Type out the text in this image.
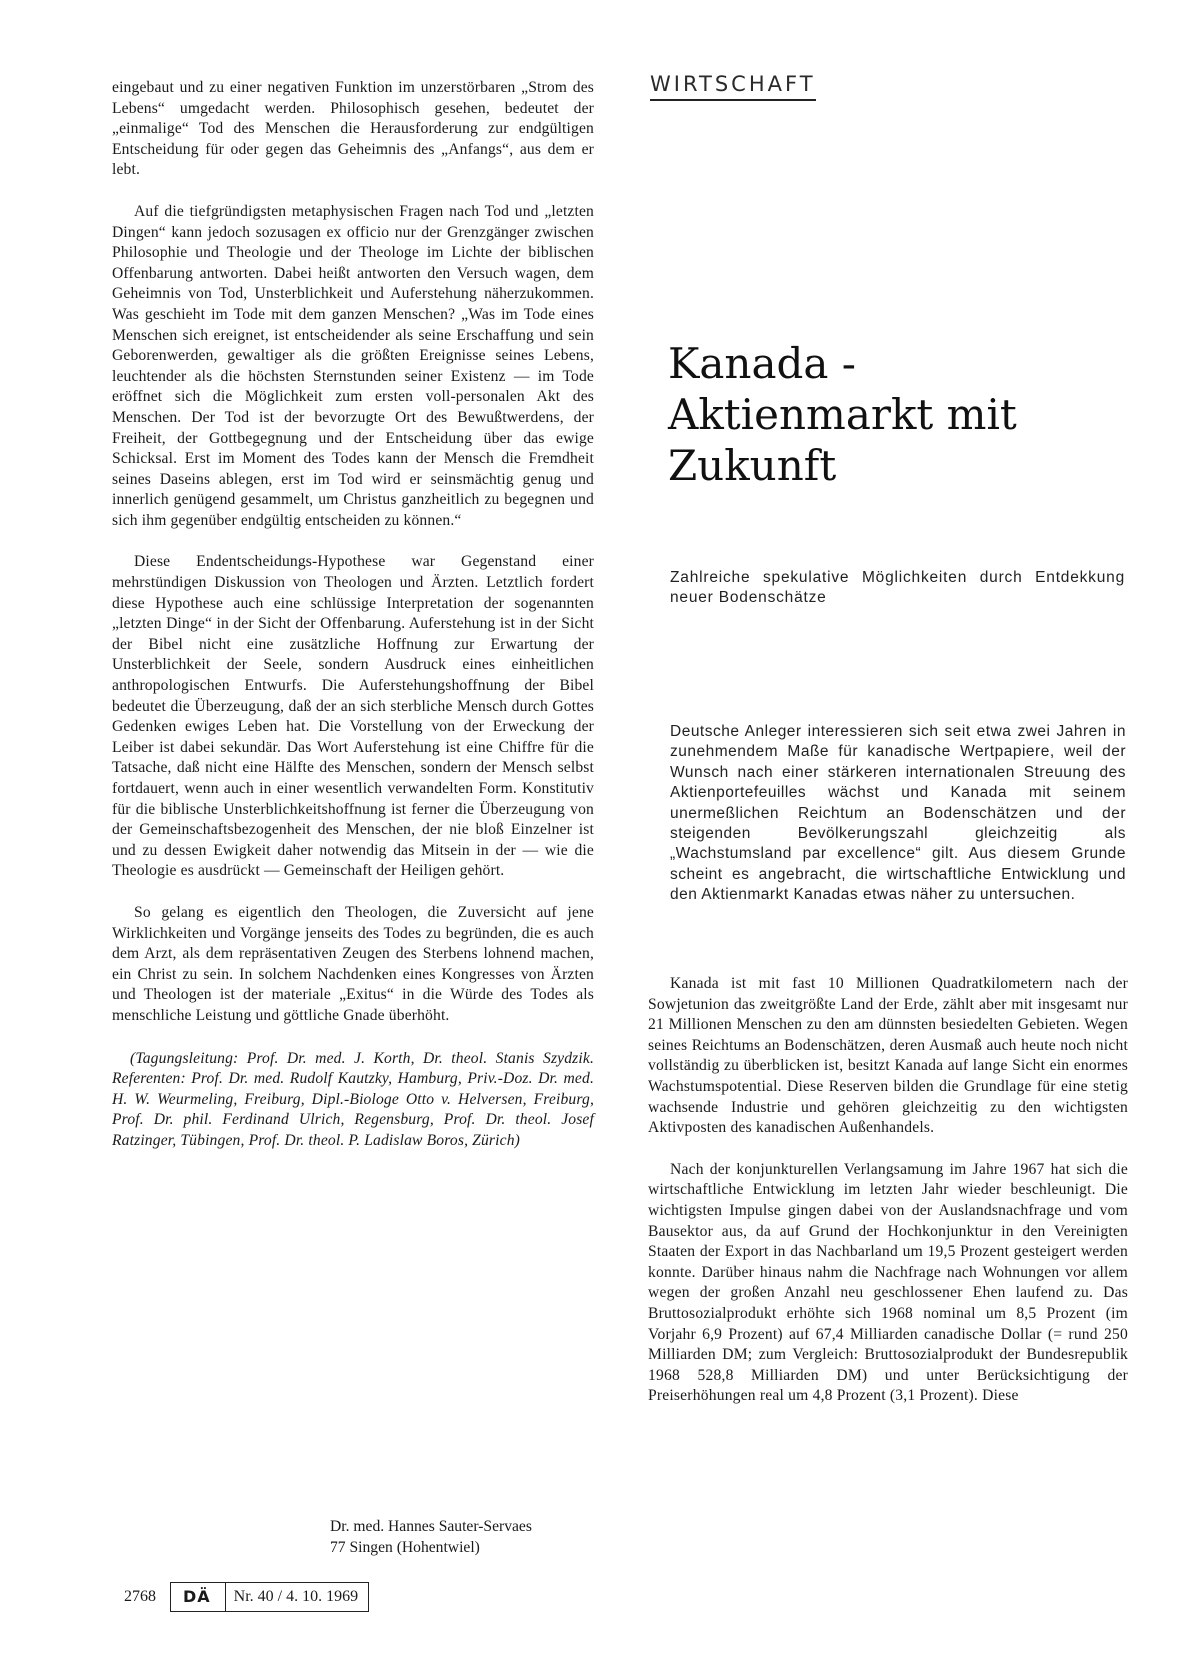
eingebaut und zu einer negativen Funktion im unzerstörbaren „Strom des Lebens“ umgedacht werden. Philosophisch gesehen, bedeutet der „einmalige“ Tod des Menschen die Herausforderung zur endgültigen Entscheidung für oder gegen das Geheimnis des „Anfangs“, aus dem er lebt.

Auf die tiefgründigsten metaphysischen Fragen nach Tod und „letzten Dingen“ kann jedoch sozusagen ex officio nur der Grenzgänger zwischen Philosophie und Theologie und der Theologe im Lichte der biblischen Offenbarung antworten. Dabei heißt antworten den Versuch wagen, dem Geheimnis von Tod, Unsterblichkeit und Auferstehung näherzukommen. Was geschieht im Tode mit dem ganzen Menschen? „Was im Tode eines Menschen sich ereignet, ist entscheidender als seine Erschaffung und sein Geborenwerden, gewaltiger als die größten Ereignisse seines Lebens, leuchtender als die höchsten Sternstunden seiner Existenz — im Tode eröffnet sich die Möglichkeit zum ersten voll-personalen Akt des Menschen. Der Tod ist der bevorzugte Ort des Bewußtwerdens, der Freiheit, der Gottbegegnung und der Entscheidung über das ewige Schicksal. Erst im Moment des Todes kann der Mensch die Fremdheit seines Daseins ablegen, erst im Tod wird er seinsmächtig genug und innerlich genügend gesammelt, um Christus ganzheitlich zu begegnen und sich ihm gegenüber endgültig entscheiden zu können.“

Diese Endentscheidungs-Hypothese war Gegenstand einer mehrstündigen Diskussion von Theologen und Ärzten. Letztlich fordert diese Hypothese auch eine schlüssige Interpretation der sogenannten „letzten Dinge“ in der Sicht der Offenbarung. Auferstehung ist in der Sicht der Bibel nicht eine zusätzliche Hoffnung zur Erwartung der Unsterblichkeit der Seele, sondern Ausdruck eines einheitlichen anthropologischen Entwurfs. Die Auferstehungshoffnung der Bibel bedeutet die Überzeugung, daß der an sich sterbliche Mensch durch Gottes Gedenken ewiges Leben hat. Die Vorstellung von der Erweckung der Leiber ist dabei sekundär. Das Wort Auferstehung ist eine Chiffre für die Tatsache, daß nicht eine Hälfte des Menschen, sondern der Mensch selbst fortdauert, wenn auch in einer wesentlich verwandelten Form. Konstitutiv für die biblische Unsterblichkeitshoffnung ist ferner die Überzeugung von der Gemeinschaftsbezogenheit des Menschen, der nie bloß Einzelner ist und zu dessen Ewigkeit daher notwendig das Mitsein in der — wie die Theologie es ausdrückt — Gemeinschaft der Heiligen gehört.

So gelang es eigentlich den Theologen, die Zuversicht auf jene Wirklichkeiten und Vorgänge jenseits des Todes zu begründen, die es auch dem Arzt, als dem repräsentativen Zeugen des Sterbens lohnend machen, ein Christ zu sein. In solchem Nachdenken eines Kongresses von Ärzten und Theologen ist der materiale „Exitus“ in die Würde des Todes als menschliche Leistung und göttliche Gnade überhöht.

(Tagungsleitung: Prof. Dr. med. J. Korth, Dr. theol. Stanis Szydzik. Referenten: Prof. Dr. med. Rudolf Kautzky, Hamburg, Priv.-Doz. Dr. med. H. W. Weurmeling, Freiburg, Dipl.-Biologe Otto v. Helversen, Freiburg, Prof. Dr. phil. Ferdinand Ulrich, Regensburg, Prof. Dr. theol. Josef Ratzinger, Tübingen, Prof. Dr. theol. P. Ladislaw Boros, Zürich)

Dr. med. Hannes Sauter-Servaes
77 Singen (Hohentwiel)
WIRTSCHAFT
Kanada -
Aktienmarkt mit
Zukunft
Zahlreiche spekulative Möglichkeiten durch Entdekkung neuer Bodenschätze
Deutsche Anleger interessieren sich seit etwa zwei Jahren in zunehmendem Maße für kanadische Wertpapiere, weil der Wunsch nach einer stärkeren internationalen Streuung des Aktienportefeuilles wächst und Kanada mit seinem unermeßlichen Reichtum an Bodenschätzen und der steigenden Bevölkerungszahl gleichzeitig als „Wachstumsland par excellence“ gilt. Aus diesem Grunde scheint es angebracht, die wirtschaftliche Entwicklung und den Aktienmarkt Kanadas etwas näher zu untersuchen.

Kanada ist mit fast 10 Millionen Quadratkilometern nach der Sowjetunion das zweitgrößte Land der Erde, zählt aber mit insgesamt nur 21 Millionen Menschen zu den am dünnsten besiedelten Gebieten. Wegen seines Reichtums an Bodenschätzen, deren Ausmaß auch heute noch nicht vollständig zu überblicken ist, besitzt Kanada auf lange Sicht ein enormes Wachstumspotential. Diese Reserven bilden die Grundlage für eine stetig wachsende Industrie und gehören gleichzeitig zu den wichtigsten Aktivposten des kanadischen Außenhandels.

Nach der konjunkturellen Verlangsamung im Jahre 1967 hat sich die wirtschaftliche Entwicklung im letzten Jahr wieder beschleunigt. Die wichtigsten Impulse gingen dabei von der Auslandsnachfrage und vom Bausektor aus, da auf Grund der Hochkonjunktur in den Vereinigten Staaten der Export in das Nachbarland um 19,5 Prozent gesteigert werden konnte. Darüber hinaus nahm die Nachfrage nach Wohnungen vor allem wegen der großen Anzahl neu geschlossener Ehen laufend zu. Das Bruttosozialprodukt erhöhte sich 1968 nominal um 8,5 Prozent (im Vorjahr 6,9 Prozent) auf 67,4 Milliarden canadische Dollar (= rund 250 Milliarden DM; zum Vergleich: Bruttosozialprodukt der Bundesrepublik 1968 528,8 Milliarden DM) und unter Berücksichtigung der Preiserhöhungen real um 4,8 Prozent (3,1 Prozent). Diese

2768	DÄ	Nr. 40 / 4. 10. 1969
